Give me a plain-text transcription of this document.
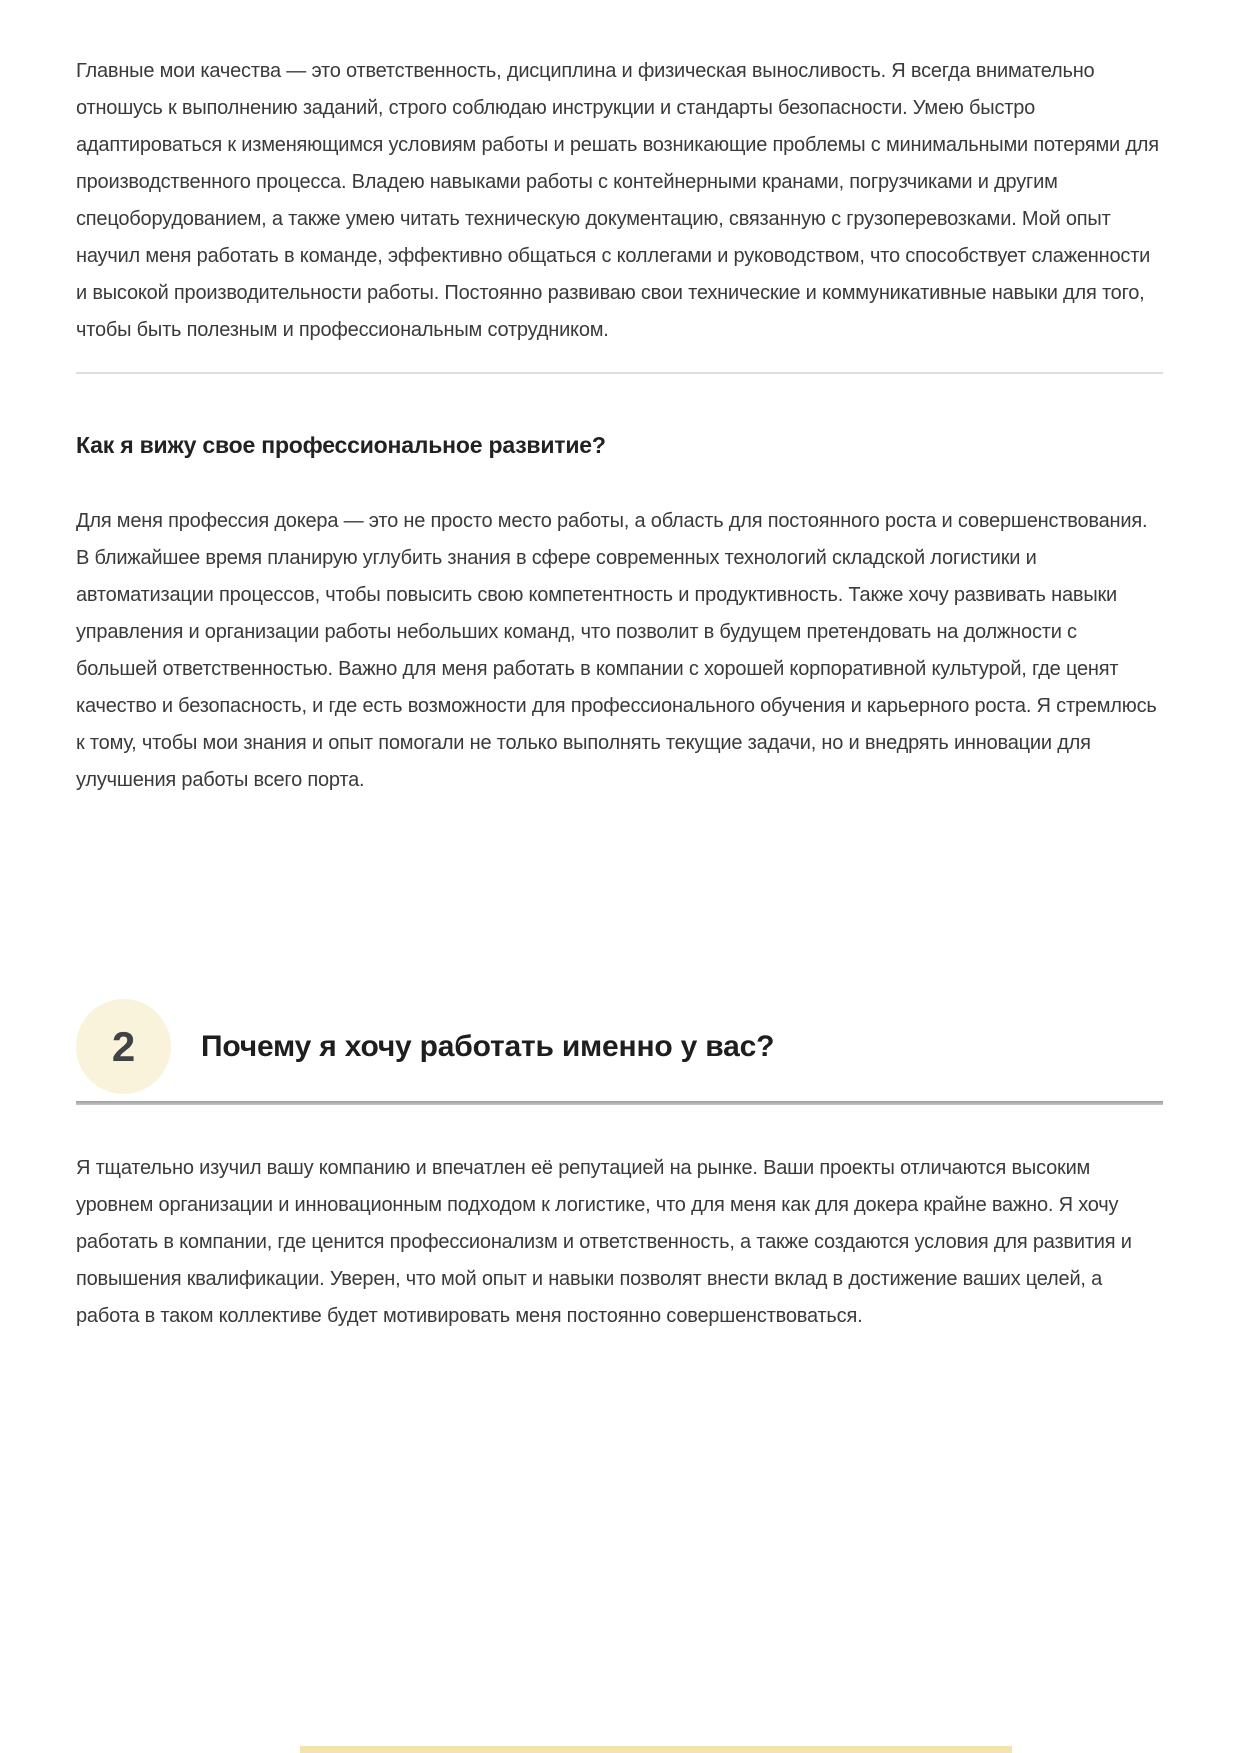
Главные мои качества — это ответственность, дисциплина и физическая выносливость. Я всегда внимательно отношусь к выполнению заданий, строго соблюдаю инструкции и стандарты безопасности. Умею быстро адаптироваться к изменяющимся условиям работы и решать возникающие проблемы с минимальными потерями для производственного процесса. Владею навыками работы с контейнерными кранами, погрузчиками и другим спецоборудованием, а также умею читать техническую документацию, связанную с грузоперевозками. Мой опыт научил меня работать в команде, эффективно общаться с коллегами и руководством, что способствует слаженности и высокой производительности работы. Постоянно развиваю свои технические и коммуникативные навыки для того, чтобы быть полезным и профессиональным сотрудником.

Как я вижу свое профессиональное развитие?

Для меня профессия докера — это не просто место работы, а область для постоянного роста и совершенствования. В ближайшее время планирую углубить знания в сфере современных технологий складской логистики и автоматизации процессов, чтобы повысить свою компетентность и продуктивность. Также хочу развивать навыки управления и организации работы небольших команд, что позволит в будущем претендовать на должности с большей ответственностью. Важно для меня работать в компании с хорошей корпоративной культурой, где ценят качество и безопасность, и где есть возможности для профессионального обучения и карьерного роста. Я стремлюсь к тому, чтобы мои знания и опыт помогали не только выполнять текущие задачи, но и внедрять инновации для улучшения работы всего порта.

2 Почему я хочу работать именно у вас?

Я тщательно изучил вашу компанию и впечатлен её репутацией на рынке. Ваши проекты отличаются высоким уровнем организации и инновационным подходом к логистике, что для меня как для докера крайне важно. Я хочу работать в компании, где ценится профессионализм и ответственность, а также создаются условия для развития и повышения квалификации. Уверен, что мой опыт и навыки позволят внести вклад в достижение ваших целей, а работа в таком коллективе будет мотивировать меня постоянно совершенствоваться.
